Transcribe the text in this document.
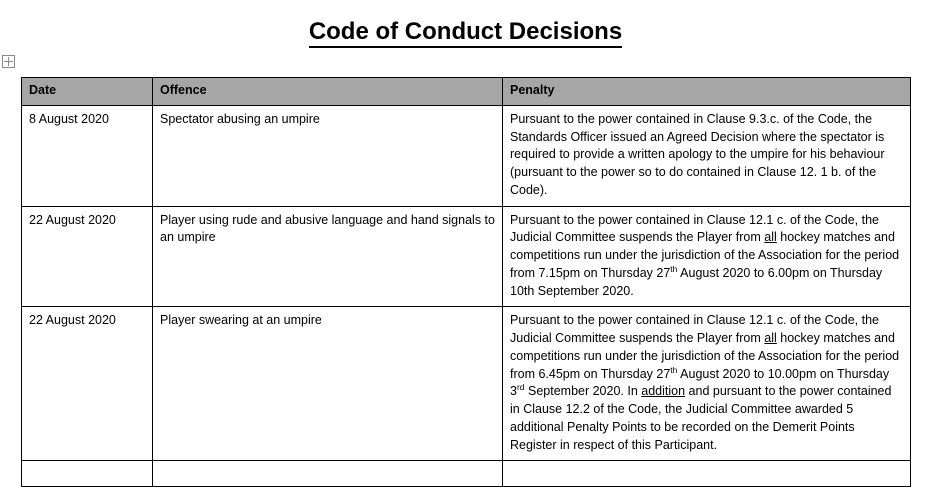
Code of Conduct Decisions
Date	Offence	Penalty
8 August 2020	Spectator abusing an umpire	Pursuant to the power contained in Clause 9.3.c. of the Code, the Standards Officer issued an Agreed Decision where the spectator is required to provide a written apology to the umpire for his behaviour (pursuant to the power so to do contained in Clause 12. 1 b. of the Code).
22 August 2020	Player using rude and abusive language and hand signals to an umpire	Pursuant to the power contained in Clause 12.1 c. of the Code, the Judicial Committee suspends the Player from all hockey matches and competitions run under the jurisdiction of the Association for the period from 7.15pm on Thursday 27th August 2020 to 6.00pm on Thursday 10th September 2020.
22 August 2020	Player swearing at an umpire	Pursuant to the power contained in Clause 12.1 c. of the Code, the Judicial Committee suspends the Player from all hockey matches and competitions run under the jurisdiction of the Association for the period from 6.45pm on Thursday 27th August 2020 to 10.00pm on Thursday 3rd September 2020. In addition and pursuant to the power contained in Clause 12.2 of the Code, the Judicial Committee awarded 5 additional Penalty Points to be recorded on the Demerit Points Register in respect of this Participant.
